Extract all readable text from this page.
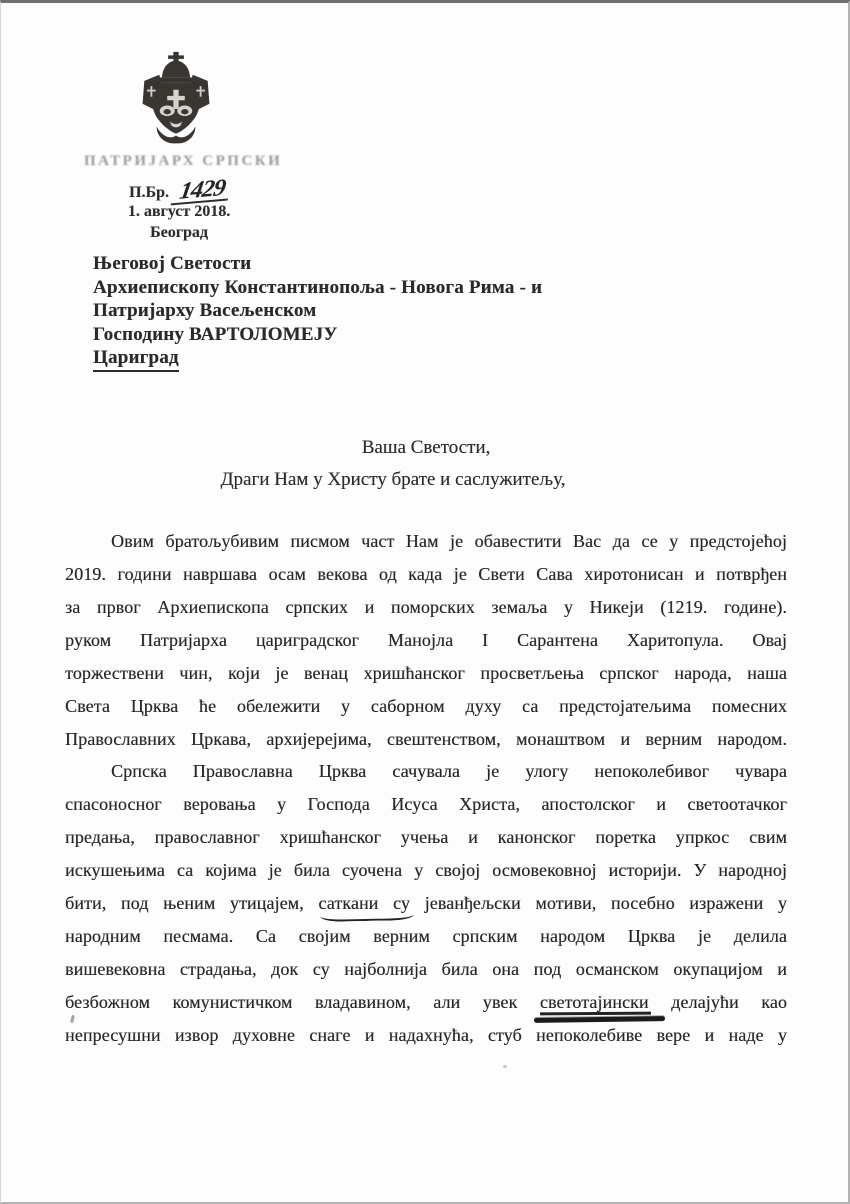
ПАТРИЈАРХ СРПСКИ
П.Бр. 1429
1. август 2018.
Београд
Његовој Светости
Архиепископу Константинопоља - Новога Рима - и
Патријарху Васељенском
Господину ВАРТОЛОМЕЈУ
Цариград
Ваша Светости,
Драги Нам у Христу брате и саслужитељу,
Овим братољубивим писмом част Нам је обавестити Вас да се у предстојећој
2019. години навршава осам векова од када је Свети Сава хиротонисан и потврђен
за првог Архиепископа српских и поморских земаља у Никеји (1219. године).
руком Патријарха цариградског Манојла I Сарантена Харитопула. Овај
торжествени чин, који је венац хришћанског просветљења српског народа, наша
Света Црква ће обележити у саборном духу са предстојатељима помесних
Православних Цркава, архијерејима, свештенством, монаштвом и верним народом.
Српска Православна Црква сачувала је улогу непоколебивог чувара
спасоносног веровања у Господа Исуса Христа, апостолског и светоотачког
предања, православног хришћанског учења и канонског поретка упркос свим
искушењима са којима је била суочена у својој осмовековној историји. У народној
бити, под њеним утицајем, саткани су јеванђељски мотиви, посебно изражени у
народним песмама. Са својим верним српским народом Црква је делила
вишевековна страдања, док су најболнија била она под османском окупацијом и
безбожном комунистичком владавином, али увек светотајински делајући као
непресушни извор духовне снаге и надахнућа, стуб непоколебиве вере и наде у
